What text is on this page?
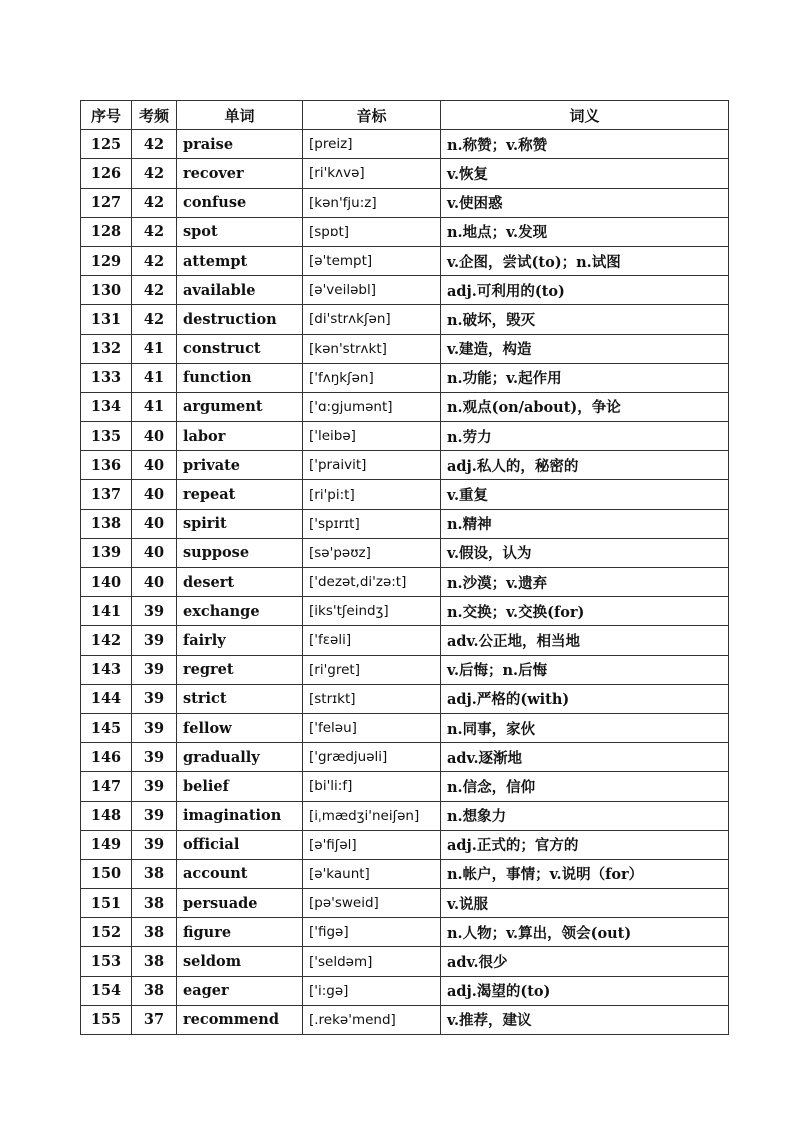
序号	考频	单词	音标	词义
125	42	praise	[preiz]	n.称赞；v.称赞
126	42	recover	[ri'kʌvə]	v.恢复
127	42	confuse	[kən'fju:z]	v.使困惑
128	42	spot	[spɒt]	n.地点；v.发现
129	42	attempt	[ə'tempt]	v.企图，尝试(to)；n.试图
130	42	available	[ə'veiləbl]	adj.可利用的(to)
131	42	destruction	[di'strʌkʃən]	n.破坏，毁灭
132	41	construct	[kən'strʌkt]	v.建造，构造
133	41	function	['fʌŋkʃən]	n.功能；v.起作用
134	41	argument	['ɑ:gjumənt]	n.观点(on/about)，争论
135	40	labor	['leibə]	n.劳力
136	40	private	['praivit]	adj.私人的，秘密的
137	40	repeat	[ri'pi:t]	v.重复
138	40	spirit	['spɪrɪt]	n.精神
139	40	suppose	[sə'pəʊz]	v.假设，认为
140	40	desert	['dezət,di'zə:t]	n.沙漠；v.遗弃
141	39	exchange	[iks'tʃeindʒ]	n.交换；v.交换(for)
142	39	fairly	['fεəli]	adv.公正地，相当地
143	39	regret	[ri'gret]	v.后悔；n.后悔
144	39	strict	[strɪkt]	adj.严格的(with)
145	39	fellow	['feləu]	n.同事，家伙
146	39	gradually	['grædjuəli]	adv.逐渐地
147	39	belief	[bi'li:f]	n.信念，信仰
148	39	imagination	[iˌmædʒi'neiʃən]	n.想象力
149	39	official	[ə'fiʃəl]	adj.正式的；官方的
150	38	account	[ə'kaunt]	n.帐户，事情；v.说明（for）
151	38	persuade	[pə'sweid]	v.说服
152	38	figure	['figə]	n.人物；v.算出，领会(out)
153	38	seldom	['seldəm]	adv.很少
154	38	eager	['i:gə]	adj.渴望的(to)
155	37	recommend	[.rekə'mend]	v.推荐，建议
